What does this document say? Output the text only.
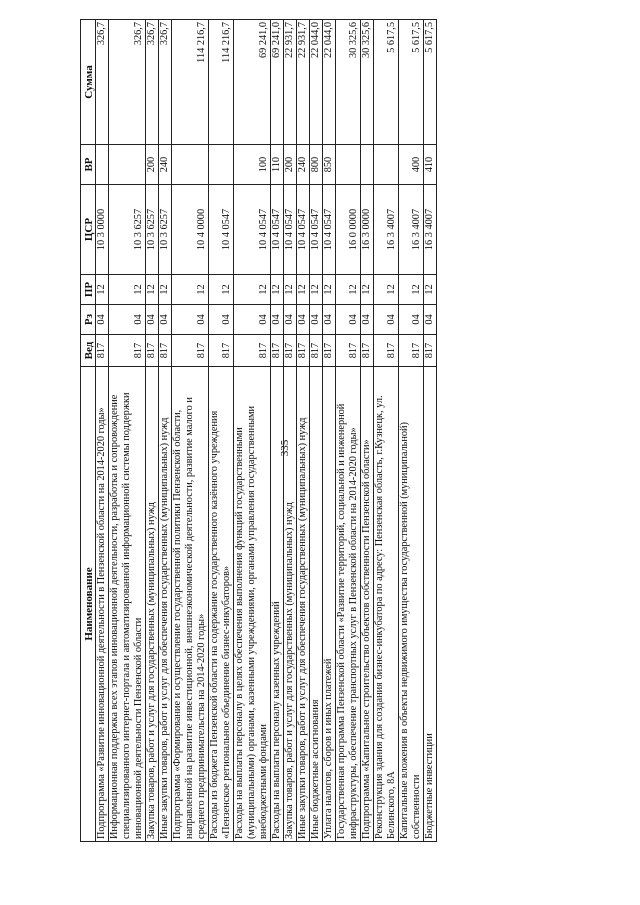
335
Наименование	Вед	Рз	ПР	ЦСР	ВР	Сумма
Подпрограмма «Развитие инновационной деятельности в Пензенской области на 2014-2020 годы»	817	04	12	10 3 0000		326,7
Информационная поддержка всех этапов инновационной деятельности, разработка и сопровождение специализированного интернет-портала и автоматизированной информационной системы поддержки инновационной деятельности Пензенской области	817	04	12	10 3 6257		326,7
Закупка товаров, работ и услуг для государственных (муниципальных) нужд	817	04	12	10 3 6257	200	326,7
Иные закупки товаров, работ и услуг для обеспечения государственных (муниципальных) нужд	817	04	12	10 3 6257	240	326,7
Подпрограмма «Формирование и осуществление государственной политики Пензенской области, направленной на развитие инвестиционной, внешнеэкономической деятельности, развитие малого и среднего предпринимательства на 2014-2020 годы»	817	04	12	10 4 0000		114 216,7
Расходы из бюджета Пензенской области на содержание государственного казённого учреждения «Пензенское региональное объединение бизнес-инкубаторов»	817	04	12	10 4 0547		114 216,7
Расходы на выплаты персоналу в целях обеспечения выполнения функций государственными (муниципальными) органами, казенными учреждениями, органами управления государственными внебюджетными фондами	817	04	12	10 4 0547	100	69 241,0
Расходы на выплаты персоналу казенных учреждений	817	04	12	10 4 0547	110	69 241,0
Закупка товаров, работ и услуг для государственных (муниципальных) нужд	817	04	12	10 4 0547	200	22 931,7
Иные закупки товаров, работ и услуг для обеспечения государственных (муниципальных) нужд	817	04	12	10 4 0547	240	22 931,7
Иные бюджетные ассигнования	817	04	12	10 4 0547	800	22 044,0
Уплата налогов, сборов и иных платежей	817	04	12	10 4 0547	850	22 044,0
Государственная программа Пензенской области «Развитие территорий, социальной и инженерной инфраструктуры, обеспечение транспортных услуг в Пензенской области на 2014-2020 годы»	817	04	12	16 0 0000		30 325,6
Подпрограмма «Капитальное строительство объектов собственности Пензенской области»	817	04	12	16 3 0000		30 325,6
Реконструкция здания для создания бизнес-инкубатора по адресу: Пензенская область, г.Кузнецк, ул. Белинского, 8А	817	04	12	16 3 4007		5 617,5
Капитальные вложения в объекты недвижимого имущества государственной (муниципальной) собственности	817	04	12	16 3 4007	400	5 617,5
Бюджетные инвестиции	817	04	12	16 3 4007	410	5 617,5
